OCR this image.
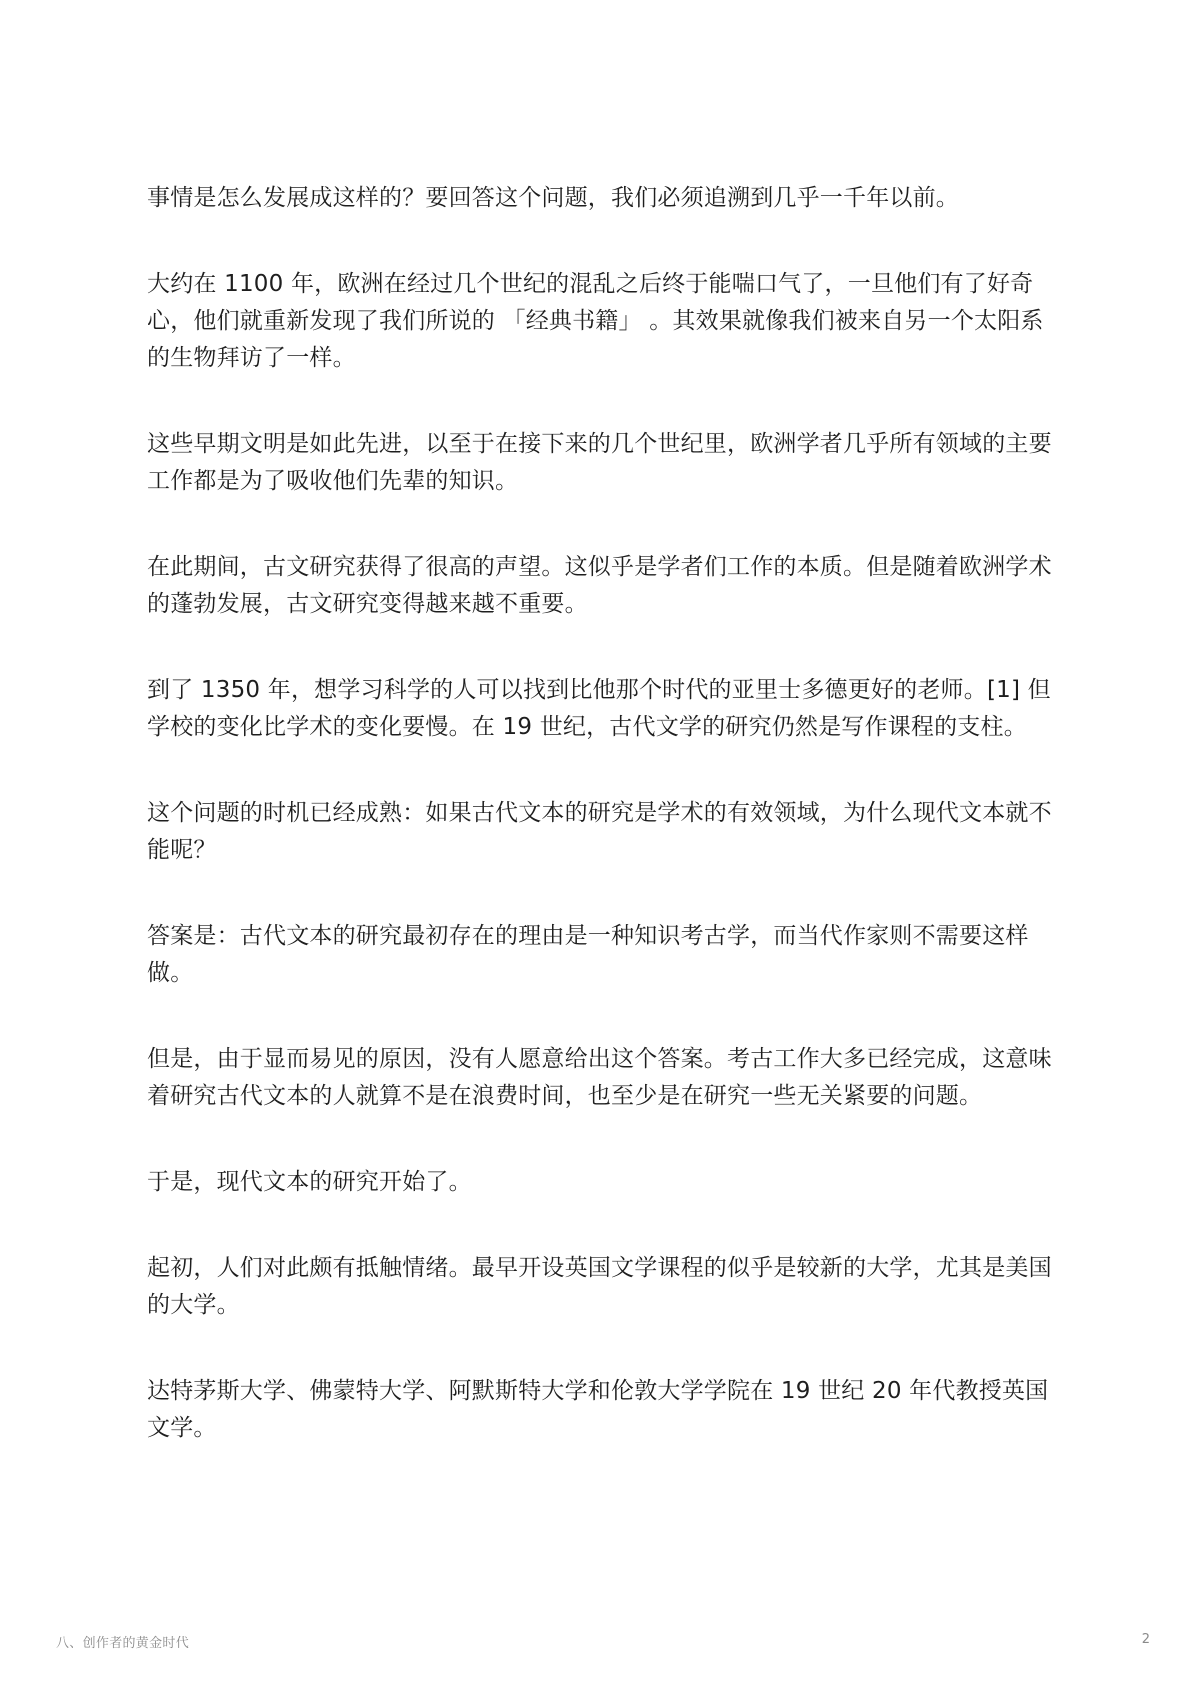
事情是怎么发展成这样的？要回答这个问题，我们必须追溯到几乎一千年以前。

大约在 1100 年，欧洲在经过几个世纪的混乱之后终于能喘口气了，一旦他们有了好奇心，他们就重新发现了我们所说的 「经典书籍」 。其效果就像我们被来自另一个太阳系的生物拜访了一样。

这些早期文明是如此先进，以至于在接下来的几个世纪里，欧洲学者几乎所有领域的主要工作都是为了吸收他们先辈的知识。

在此期间，古文研究获得了很高的声望。这似乎是学者们工作的本质。但是随着欧洲学术的蓬勃发展，古文研究变得越来越不重要。

到了 1350 年，想学习科学的人可以找到比他那个时代的亚里士多德更好的老师。[1] 但学校的变化比学术的变化要慢。在 19 世纪，古代文学的研究仍然是写作课程的支柱。

这个问题的时机已经成熟：如果古代文本的研究是学术的有效领域，为什么现代文本就不能呢？

答案是：古代文本的研究最初存在的理由是一种知识考古学，而当代作家则不需要这样做。

但是，由于显而易见的原因，没有人愿意给出这个答案。考古工作大多已经完成，这意味着研究古代文本的人就算不是在浪费时间，也至少是在研究一些无关紧要的问题。

于是，现代文本的研究开始了。

起初，人们对此颇有抵触情绪。最早开设英国文学课程的似乎是较新的大学，尤其是美国的大学。

达特茅斯大学、佛蒙特大学、阿默斯特大学和伦敦大学学院在 19 世纪 20 年代教授英国文学。

八、创作者的黄金时代	2
